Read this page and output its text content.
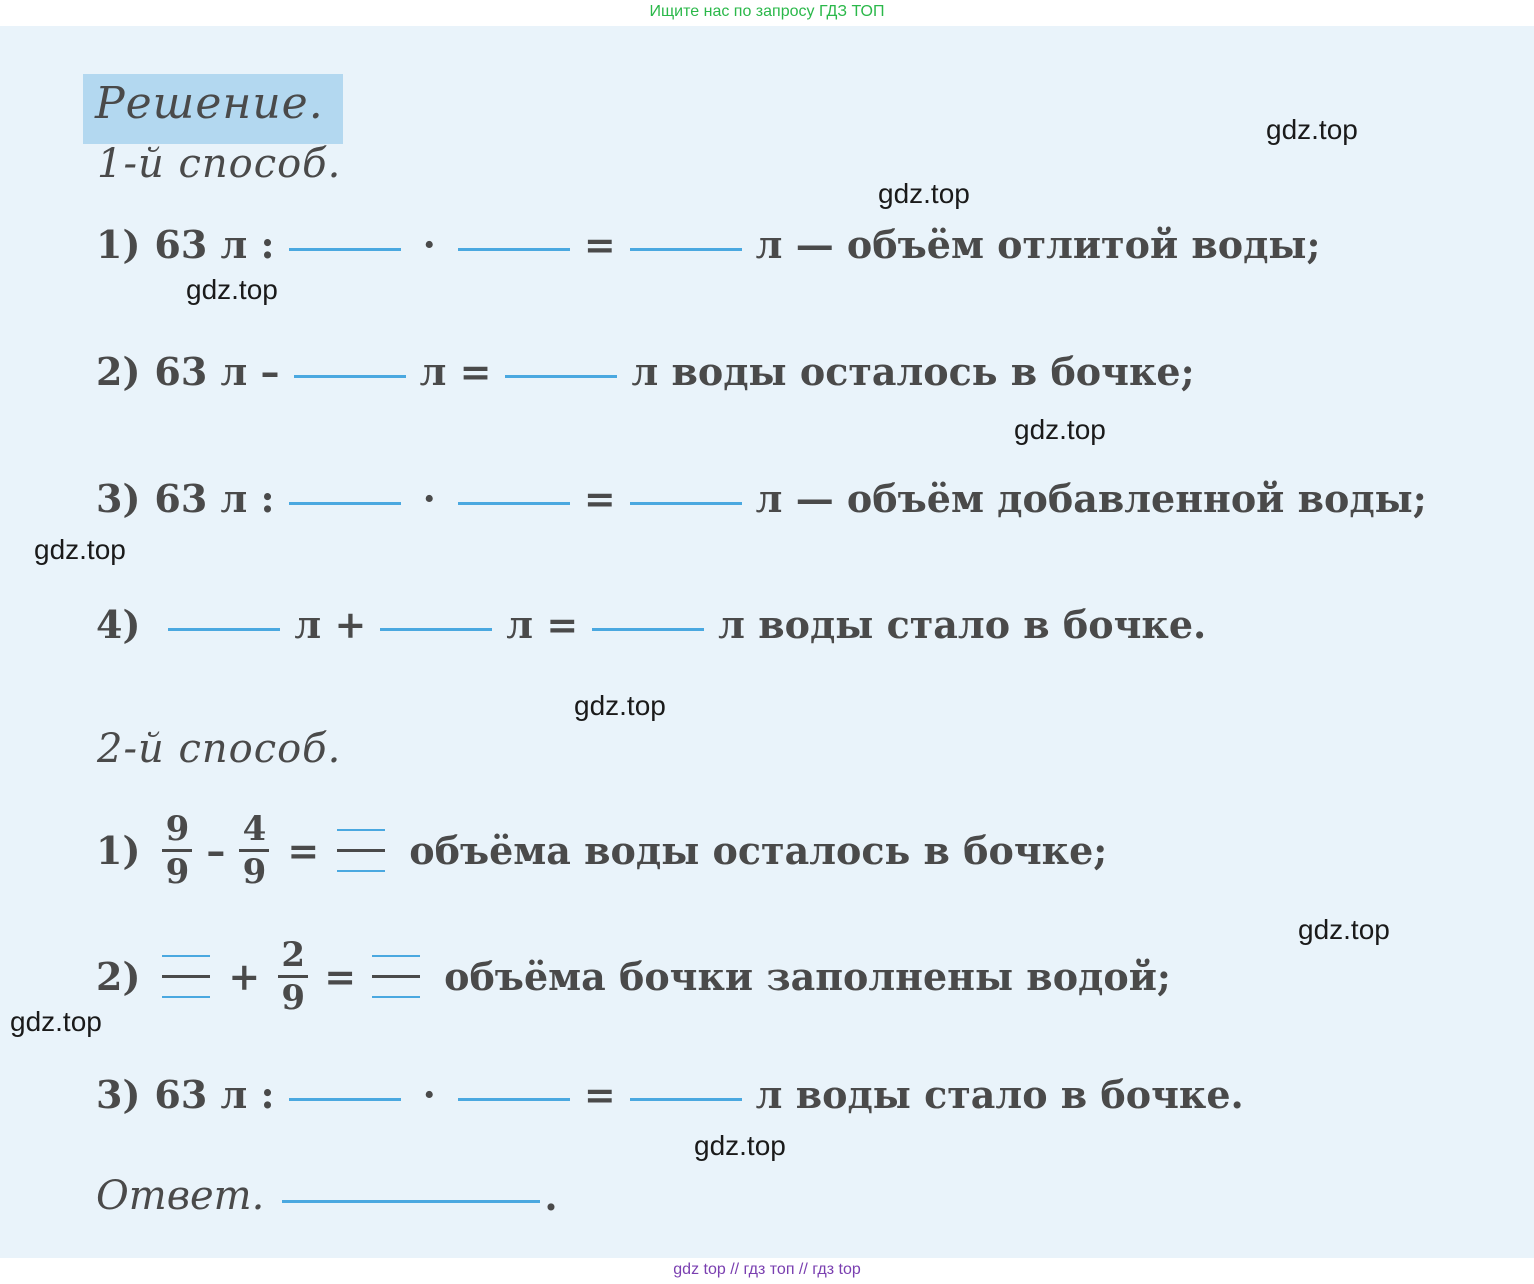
Ищите нас по запросу ГДЗ ТОП
Решение.
1-й способ.
1) 63 л :	·	=	л — объём отлитой воды;
2) 63 л –	л =	л воды осталось в бочке;
3) 63 л :	·	=	л — объём добавленной воды;
4)	л +	л =	л воды стало в бочке.
2-й способ.
$1) \frac{9}{9} - \frac{4}{9}$ = объёма воды осталось в бочке;
$2) + \frac{2}{9}$ = объёма бочки заполнены водой;
3) 63 л :	·	=	л воды стало в бочке.
Ответ.	.
gdz.top
gdz.top
gdz.top
gdz.top
gdz.top
gdz.top
gdz.top
gdz.top
gdz.top
gdz top // гдз топ // гдз top
